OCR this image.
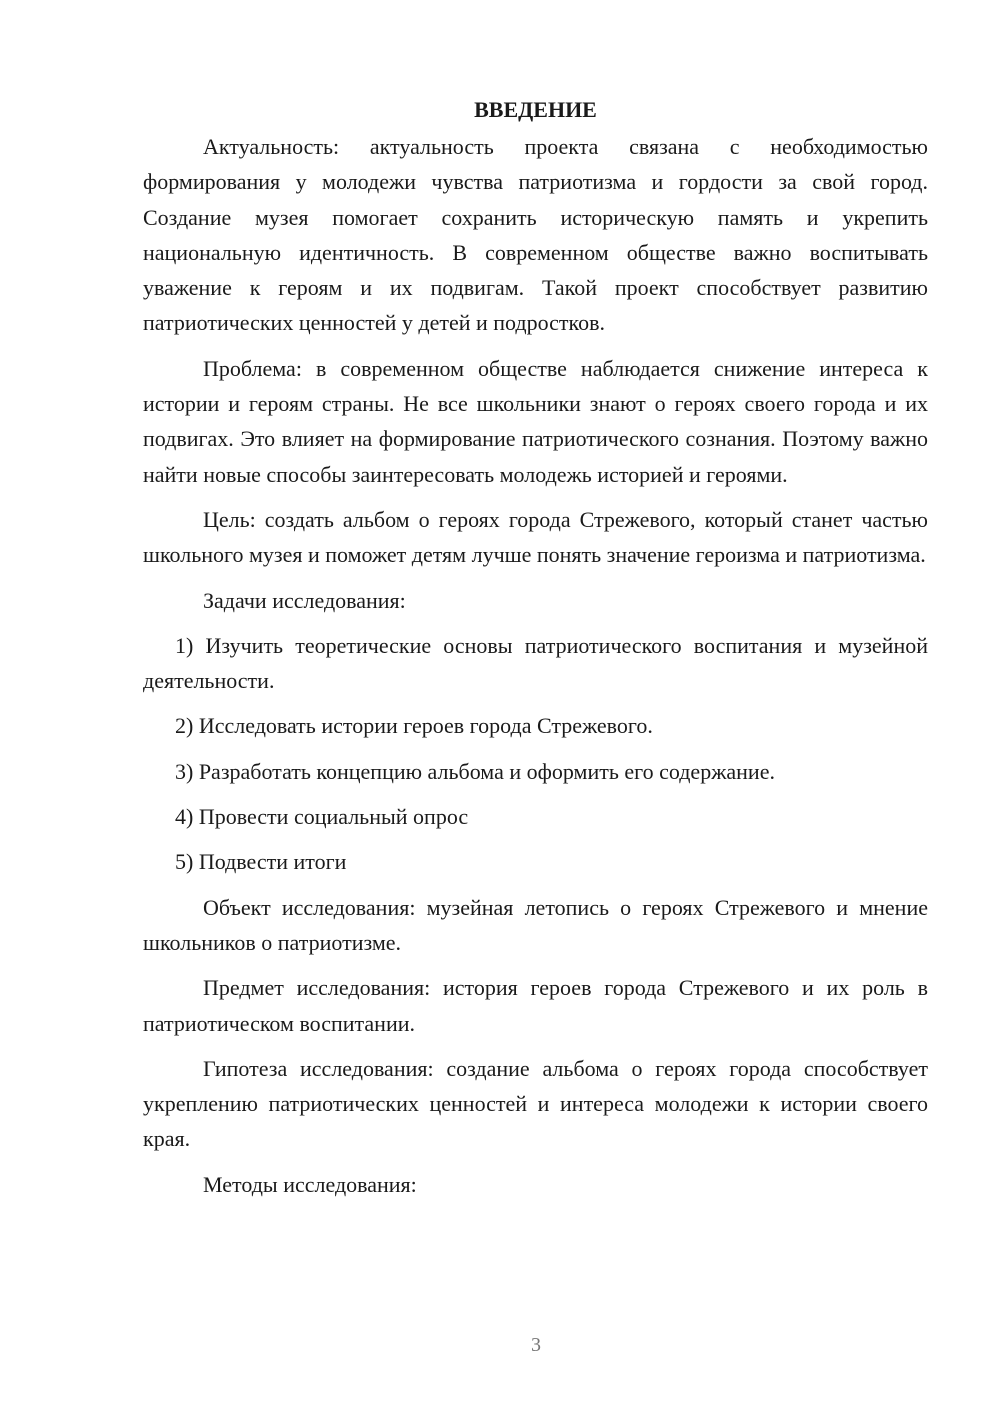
ВВЕДЕНИЕ

Актуальность: актуальность проекта связана с необходимостью формирования у молодежи чувства патриотизма и гордости за свой город. Создание музея помогает сохранить историческую память и укрепить национальную идентичность. В современном обществе важно воспитывать уважение к героям и их подвигам. Такой проект способствует развитию патриотических ценностей у детей и подростков.

Проблема: в современном обществе наблюдается снижение интереса к истории и героям страны. Не все школьники знают о героях своего города и их подвигах. Это влияет на формирование патриотического сознания. Поэтому важно найти новые способы заинтересовать молодежь историей и героями.

Цель: создать альбом о героях города Стрежевого, который станет частью школьного музея и поможет детям лучше понять значение героизма и патриотизма.

Задачи исследования:

1) Изучить теоретические основы патриотического воспитания и музейной деятельности.

2) Исследовать истории героев города Стрежевого.

3) Разработать концепцию альбома и оформить его содержание.

4) Провести социальный опрос

5) Подвести итоги

Объект исследования: музейная летопись о героях Стрежевого и мнение школьников о патриотизме.

Предмет исследования: история героев города Стрежевого и их роль в патриотическом воспитании.

Гипотеза исследования: создание альбома о героях города способствует укреплению патриотических ценностей и интереса молодежи к истории своего края.

Методы исследования:

3
